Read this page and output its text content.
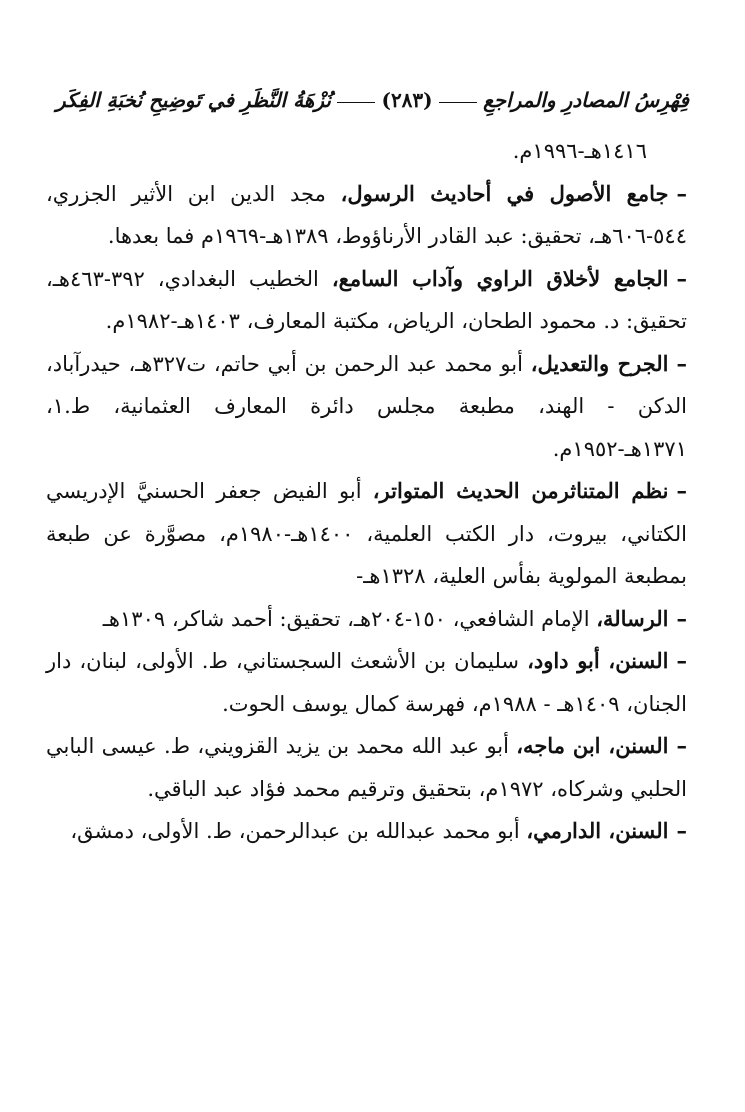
فِهْرِسُ المصادرِ والمراجعِ
(٢٨٣)
نُزْهَةُ النَّظَرِ في تَوضِيحِ نُخبَةِ الفِكَر

١٤١٦هـ-١٩٩٦م.

–جامع الأصول في أحاديث الرسول، مجد الدين ابن الأثير الجزري، ٥٤٤-٦٠٦هـ، تحقيق: عبد القادر الأرناؤوط، ١٣٨٩هـ-١٩٦٩م فما بعدها.

–الجامع لأخلاق الراوي وآداب السامع، الخطيب البغدادي، ٣٩٢-٤٦٣هـ، تحقيق: د. محمود الطحان، الرياض، مكتبة المعارف، ١٤٠٣هـ-١٩٨٢م.

–الجرح والتعديل، أبو محمد عبد الرحمن بن أبي حاتم، ت٣٢٧هـ، حيدرآباد، الدكن - الهند، مطبعة مجلس دائرة المعارف العثمانية، ط.١، ١٣٧١هـ-١٩٥٢م.

–نظم المتناثرمن الحديث المتواتر، أبو الفيض جعفر الحسنيَّ الإدريسي الكتاني، بيروت، دار الكتب العلمية، ١٤٠٠هـ-١٩٨٠م، مصوَّرة عن طبعة بمطبعة المولوية بفأس العلية، ١٣٢٨هـ-

–الرسالة، الإمام الشافعي، ١٥٠-٢٠٤هـ، تحقيق: أحمد شاكر، ١٣٠٩هـ

–السنن، أبو داود، سليمان بن الأشعث السجستاني، ط. الأولى، لبنان، دار الجنان، ١٤٠٩هـ - ١٩٨٨م، فهرسة كمال يوسف الحوت.

–السنن، ابن ماجه، أبو عبد الله محمد بن يزيد القزويني، ط. عيسى البابي الحلبي وشركاه، ١٩٧٢م، بتحقيق وترقيم محمد فؤاد عبد الباقي.

–السنن، الدارمي، أبو محمد عبدالله بن عبدالرحمن، ط. الأولى، دمشق،
